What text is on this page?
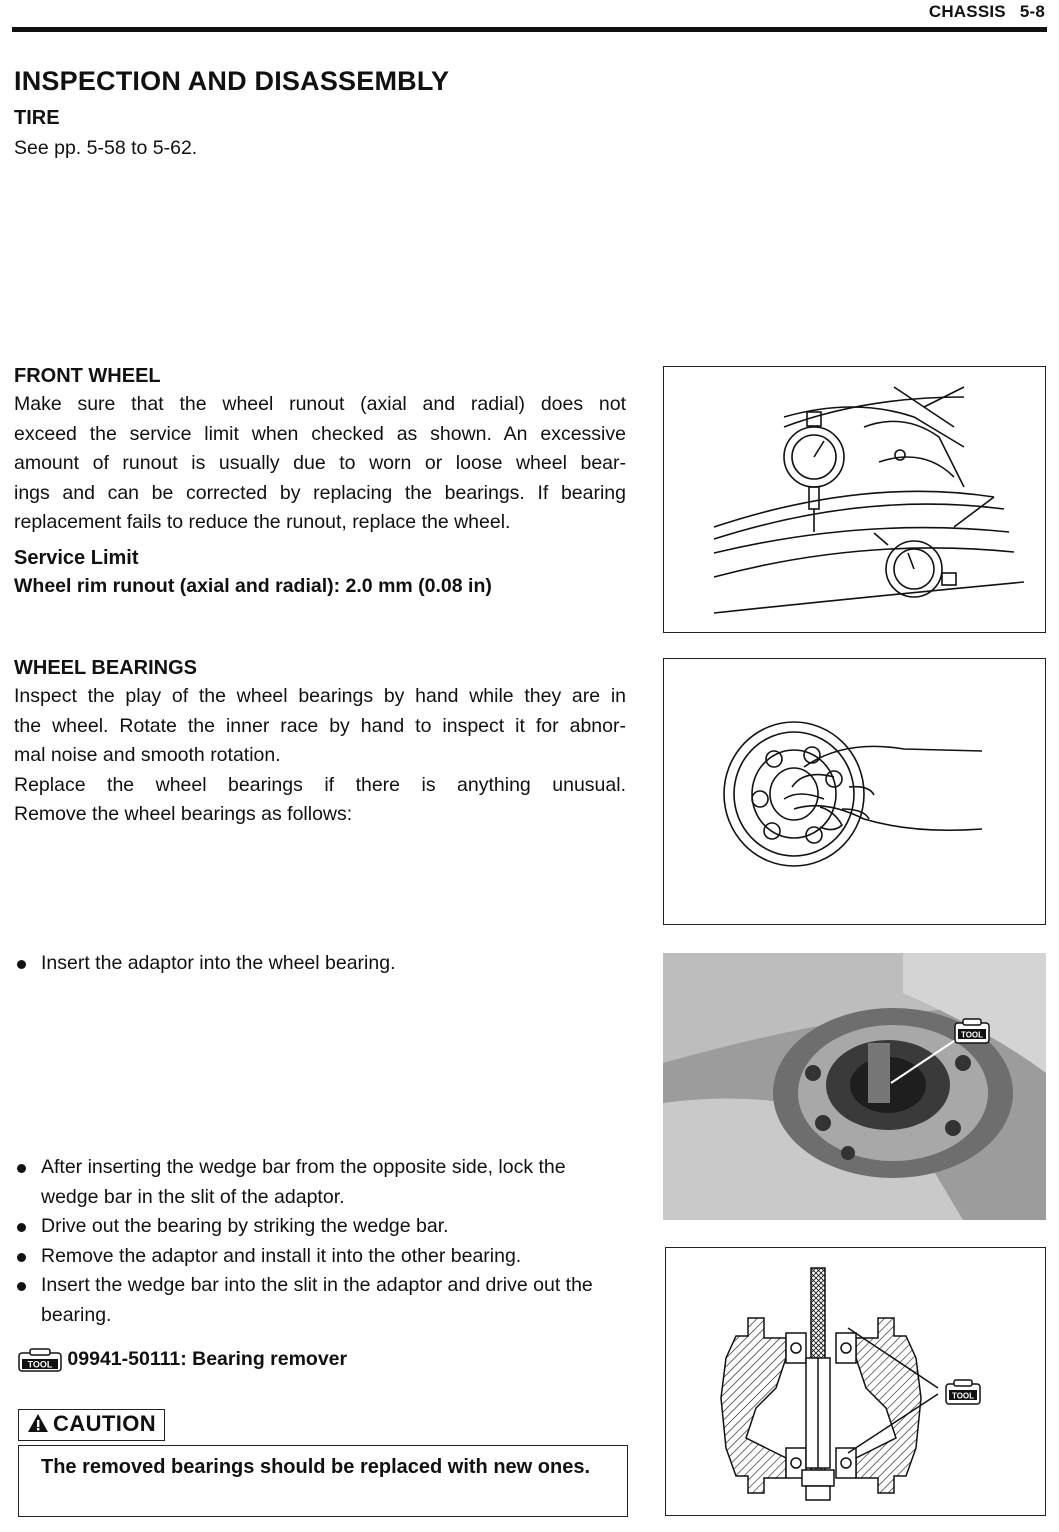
CHASSIS 5-8
INSPECTION AND DISASSEMBLY
TIRE
See pp. 5-58 to 5-62.
FRONT WHEEL
Make sure that the wheel runout (axial and radial) does not
exceed the service limit when checked as shown. An excessive
amount of runout is usually due to worn or loose wheel bear-
ings and can be corrected by replacing the bearings. If bearing
replacement fails to reduce the runout, replace the wheel.
Service Limit
Wheel rim runout (axial and radial): 2.0 mm (0.08 in)
WHEEL BEARINGS
Inspect the play of the wheel bearings by hand while they are in
the wheel. Rotate the inner race by hand to inspect it for abnor-
mal noise and smooth rotation.
Replace the wheel bearings if there is anything unusual.
Remove the wheel bearings as follows:
Insert the adaptor into the wheel bearing.
TOOL
After inserting the wedge bar from the opposite side, lock the wedge bar in the slit of the adaptor.
Drive out the bearing by striking the wedge bar.
Remove the adaptor and install it into the other bearing.
Insert the wedge bar into the slit in the adaptor and drive out the bearing.
TOOL 09941-50111: Bearing remover
TOOL
CAUTION
The removed bearings should be replaced with new ones.
